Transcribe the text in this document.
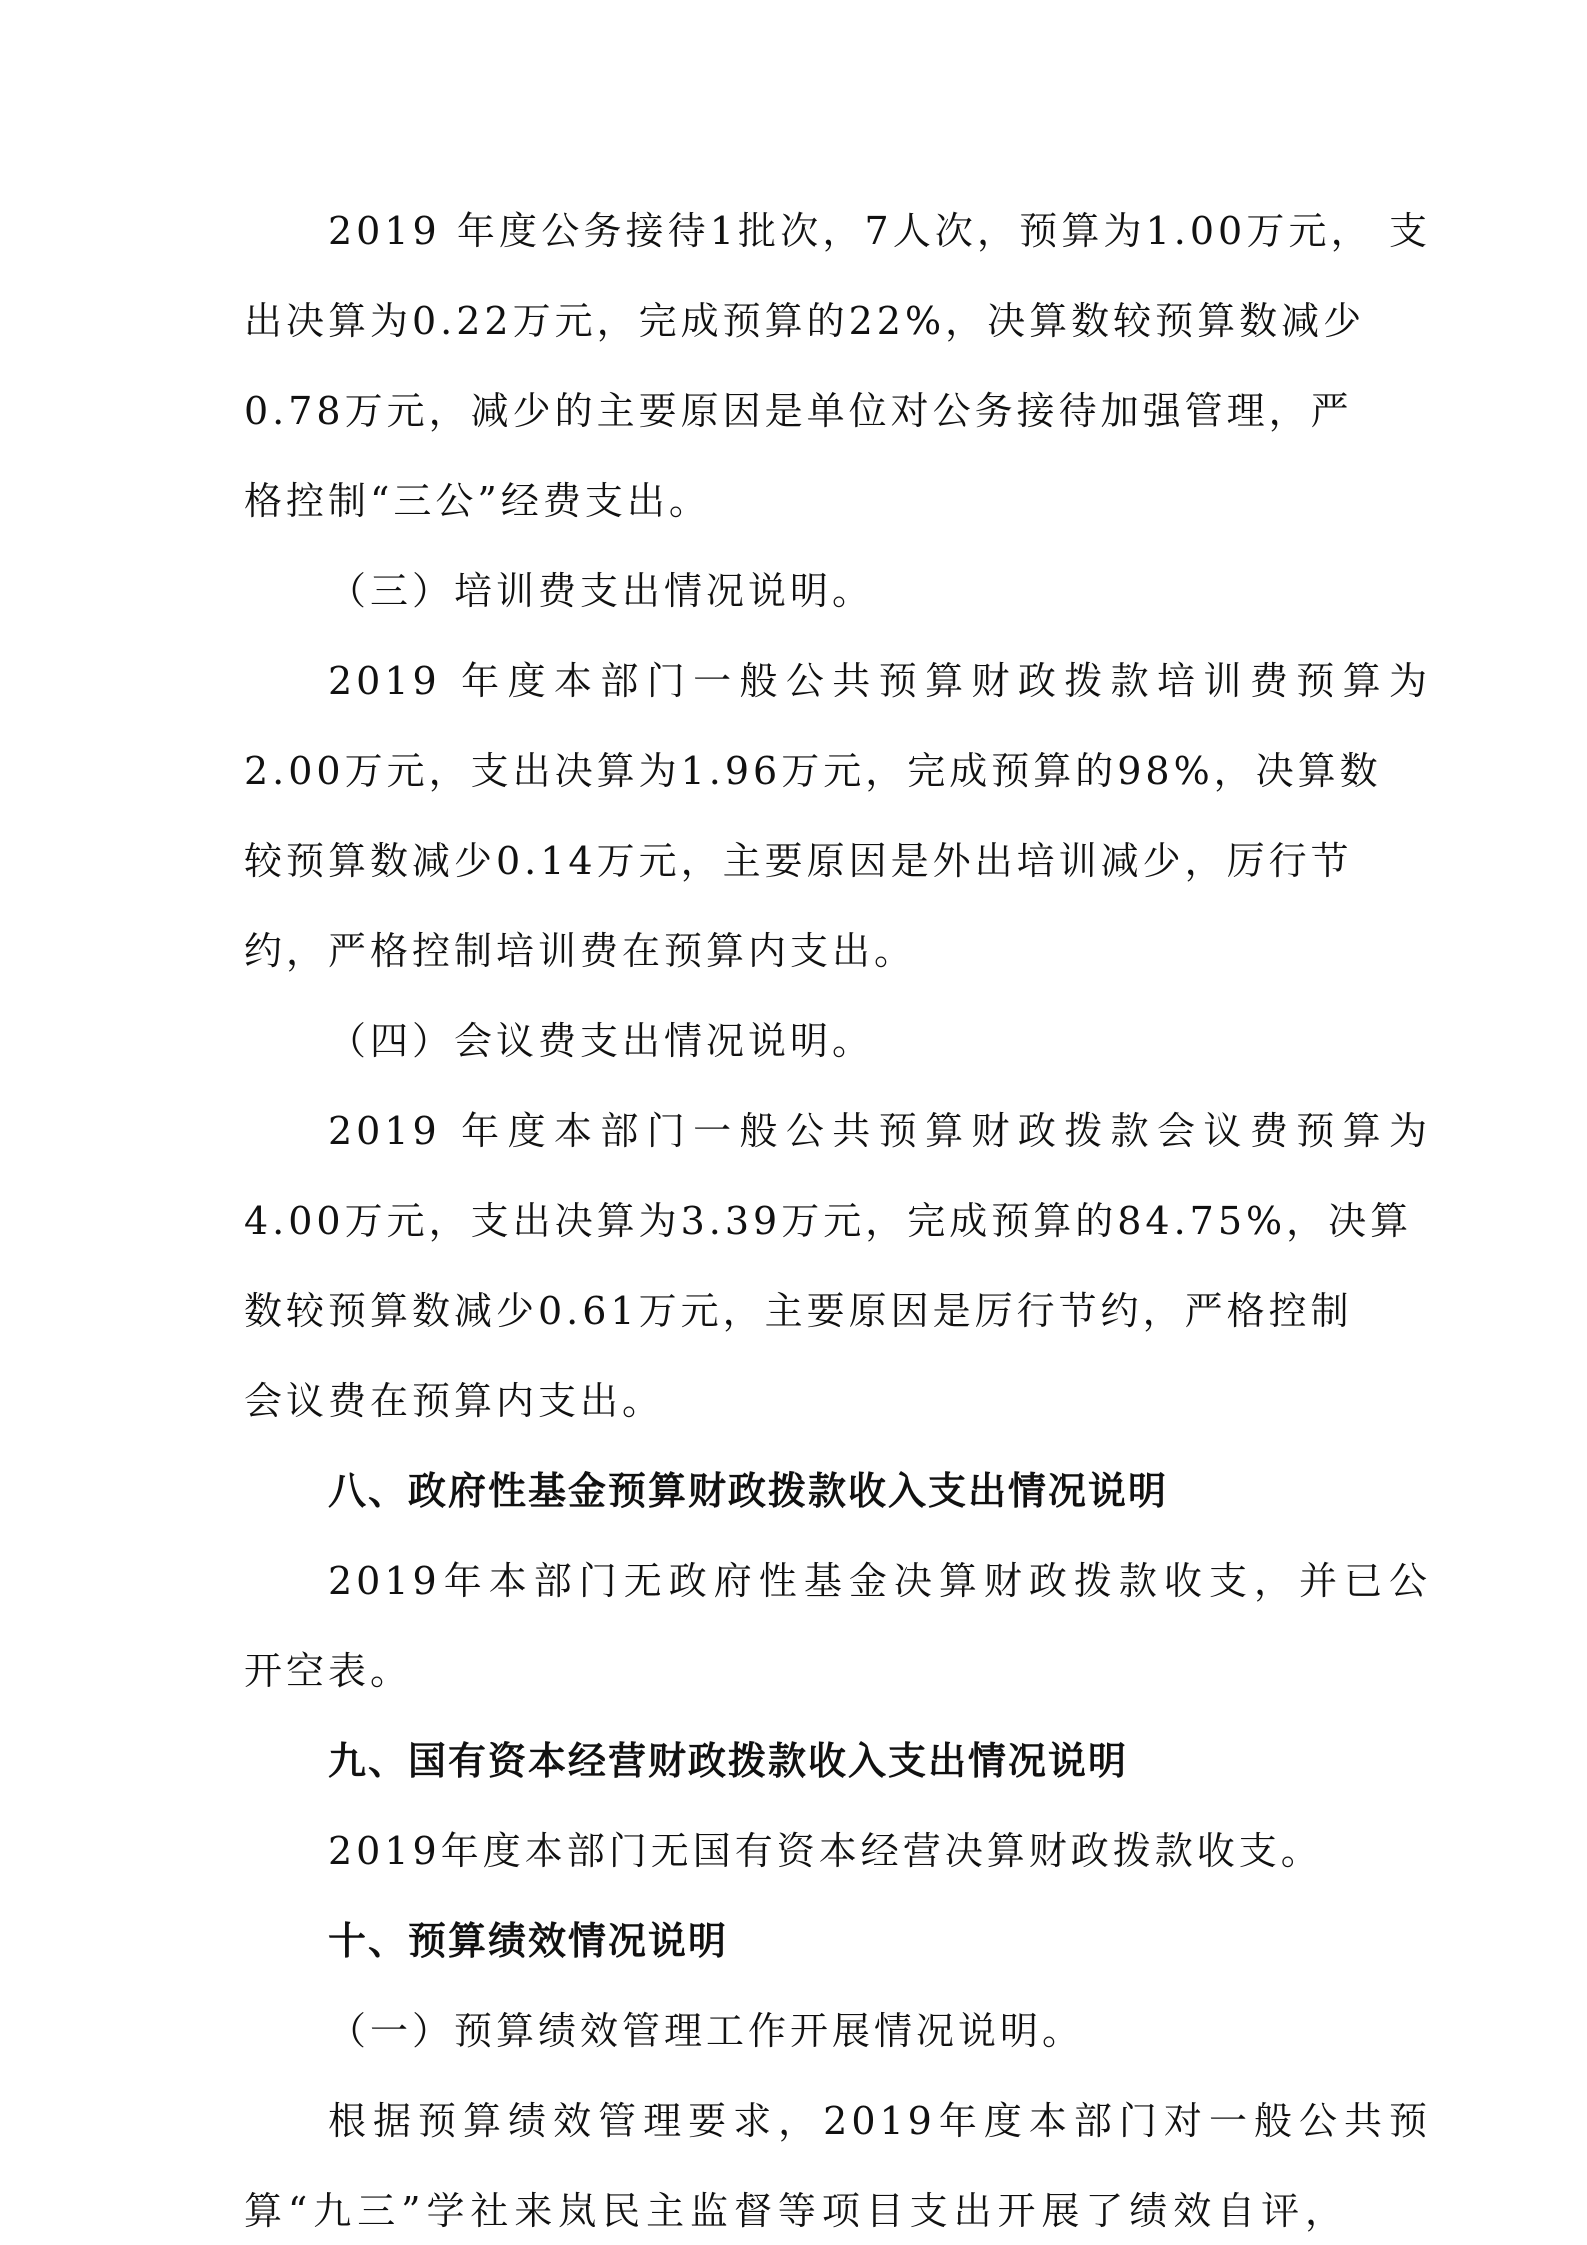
2019 年度公务接待1批次，7人次，预算为1.00万元， 支
出决算为0.22万元，完成预算的22%，决算数较预算数减少
0.78万元，减少的主要原因是单位对公务接待加强管理，严
格控制“三公”经费支出。
（三）培训费支出情况说明。
2019 年度本部门一般公共预算财政拨款培训费预算为
2.00万元，支出决算为1.96万元，完成预算的98%，决算数
较预算数减少0.14万元，主要原因是外出培训减少，厉行节
约，严格控制培训费在预算内支出。
（四）会议费支出情况说明。
2019 年度本部门一般公共预算财政拨款会议费预算为
4.00万元，支出决算为3.39万元，完成预算的84.75%，决算
数较预算数减少0.61万元，主要原因是厉行节约，严格控制
会议费在预算内支出。
八、政府性基金预算财政拨款收入支出情况说明
2019年本部门无政府性基金决算财政拨款收支，并已公
开空表。
九、国有资本经营财政拨款收入支出情况说明
2019年度本部门无国有资本经营决算财政拨款收支。
十、预算绩效情况说明
（一）预算绩效管理工作开展情况说明。
根据预算绩效管理要求，2019年度本部门对一般公共预
算“九三”学社来岚民主监督等项目支出开展了绩效自评，
